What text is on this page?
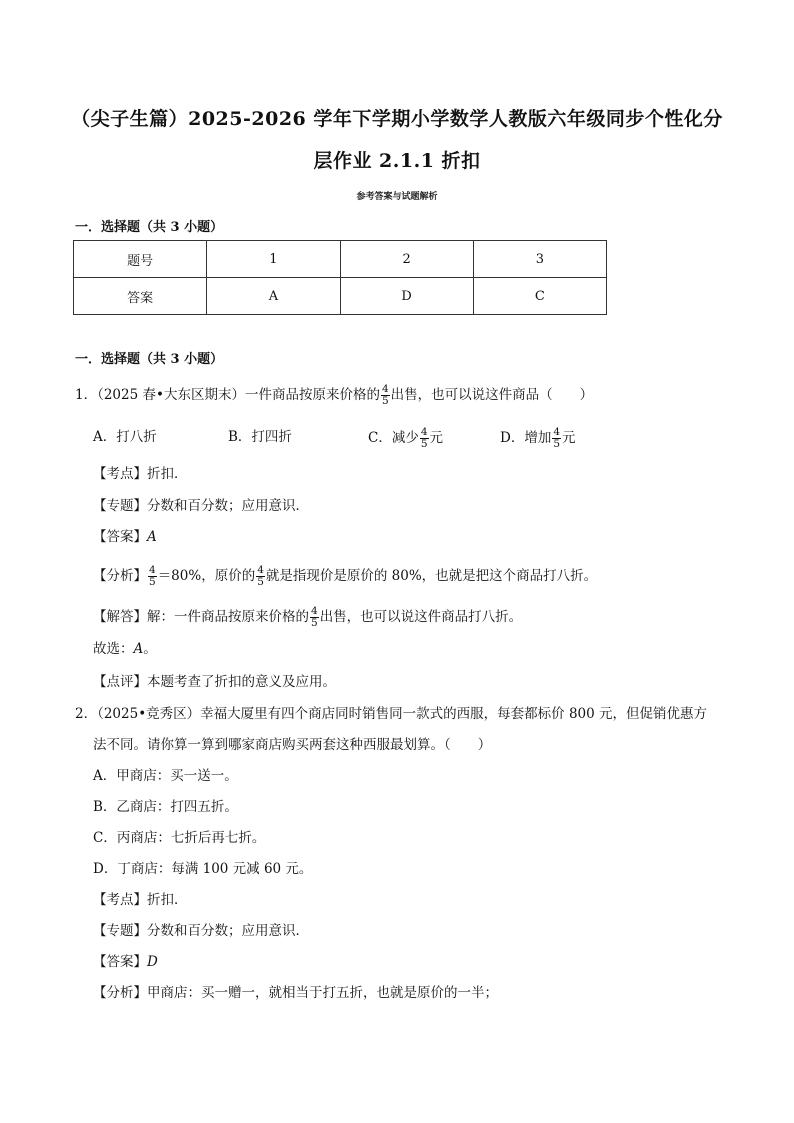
（尖子生篇）2025-2026 学年下学期小学数学人教版六年级同步个性化分
层作业 2.1.1 折扣
参考答案与试题解析
一．选择题（共 3 小题）
题号	1	2	3
答案	A	D	C
一．选择题（共 3 小题）
1．（2025 春•大东区期末）一件商品按原来价格的 $\frac{4}{5}$ 出售，也可以说这件商品（　　）
A．打八折	B．打四折	C．减少 $\frac{4}{5}$ 元	D．增加 $\frac{4}{5}$ 元
【考点】折扣．
【专题】分数和百分数；应用意识．
【答案】A
【分析】 $\frac{4}{5} =80\%$，原价的 $\frac{4}{5}$ 就是指现价是原价的 80%，也就是把这个商品打八折。
【解答】解：一件商品按原来价格的 $\frac{4}{5}$ 出售，也可以说这件商品打八折。
故选：A。
【点评】本题考查了折扣的意义及应用。
2．（2025•竞秀区）幸福大厦里有四个商店同时销售同一款式的西服，每套都标价 800 元，但促销优惠方
法不同。请你算一算到哪家商店购买两套这种西服最划算。（　　）
A．甲商店：买一送一。
B．乙商店：打四五折。
C．丙商店：七折后再七折。
D．丁商店：每满 100 元减 60 元。
【考点】折扣．
【专题】分数和百分数；应用意识．
【答案】D
【分析】甲商店：买一赠一，就相当于打五折，也就是原价的一半；
